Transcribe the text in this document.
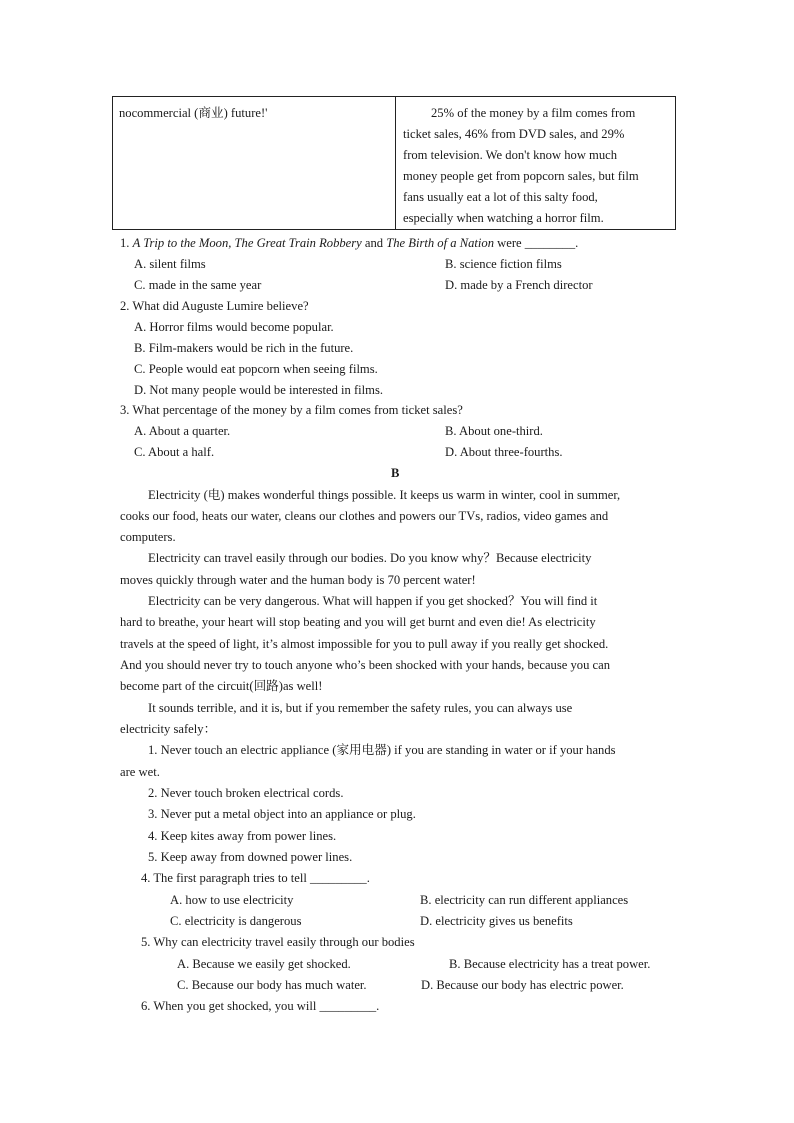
nocommercial (商业) future!'	25% of the money by a film comes from
ticket sales, 46% from DVD sales, and 29%
from television. We don't know how much
money people get from popcorn sales, but film
fans usually eat a lot of this salty food,
especially when watching a horror film.
1. A Trip to the Moon, The Great Train Robbery and The Birth of a Nation were ________.
A. silent films	B. science fiction films
C. made in the same year	D. made by a French director
2. What did Auguste Lumire believe?
A. Horror films would become popular.
B. Film-makers would be rich in the future.
C. People would eat popcorn when seeing films.
D. Not many people would be interested in films.
3. What percentage of the money by a film comes from ticket sales?
A. About a quarter.	B. About one-third.
C. About a half.	D. About three-fourths.
B
Electricity (电) makes wonderful things possible. It keeps us warm in winter, cool in summer,
cooks our food, heats our water, cleans our clothes and powers our TVs, radios, video games and
computers.
Electricity can travel easily through our bodies. Do you know why？Because electricity
moves quickly through water and the human body is 70 percent water!
Electricity can be very dangerous. What will happen if you get shocked？You will find it
hard to breathe, your heart will stop beating and you will get burnt and even die! As electricity
travels at the speed of light, it’s almost impossible for you to pull away if you really get shocked.
And you should never try to touch anyone who’s been shocked with your hands, because you can
become part of the circuit(回路)as well!
It sounds terrible, and it is, but if you remember the safety rules, you can always use
electricity safely：
1. Never touch an electric appliance (家用电器) if you are standing in water or if your hands
are wet.
2. Never touch broken electrical cords.
3. Never put a metal object into an appliance or plug.
4. Keep kites away from power lines.
5. Keep away from downed power lines.
4. The first paragraph tries to tell _________.
A. how to use electricity	B. electricity can run different appliances
C. electricity is dangerous	D. electricity gives us benefits
5. Why can electricity travel easily through our bodies
A. Because we easily get shocked.	B. Because electricity has a treat power.
C. Because our body has much water.	D. Because our body has electric power.
6. When you get shocked, you will _________.
